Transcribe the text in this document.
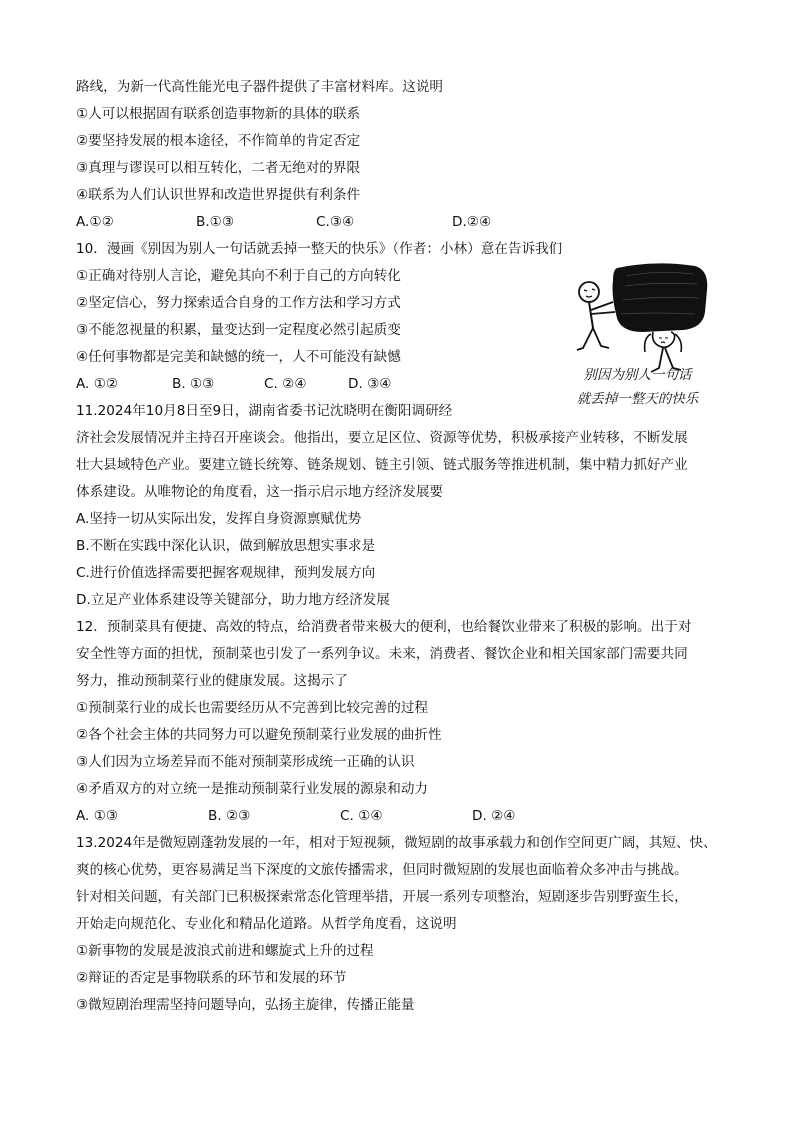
路线，为新一代高性能光电子器件提供了丰富材料库。这说明
①人可以根据固有联系创造事物新的具体的联系
②要坚持发展的根本途径，不作简单的肯定否定
③真理与谬误可以相互转化，二者无绝对的界限
④联系为人们认识世界和改造世界提供有利条件
A.①②	B.①③	C.③④	D.②④
10．漫画《别因为别人一句话就丢掉一整天的快乐》（作者：小林）意在告诉我们
①正确对待别人言论，避免其向不利于自己的方向转化
②坚定信心，努力探索适合自身的工作方法和学习方式
③不能忽视量的积累，量变达到一定程度必然引起质变
④任何事物都是完美和缺憾的统一，人不可能没有缺憾
A. ①②	B. ①③	C. ②④	D. ③④
别因为别人一句话
就丢掉一整天的快乐
11.2024年10月8日至9日，湖南省委书记沈晓明在衡阳调研经
济社会发展情况并主持召开座谈会。他指出，要立足区位、资源等优势，积极承接产业转移，不断发展
壮大县域特色产业。要建立链长统筹、链条规划、链主引领、链式服务等推进机制，集中精力抓好产业
体系建设。从唯物论的角度看，这一指示启示地方经济发展要
A.坚持一切从实际出发，发挥自身资源禀赋优势
B.不断在实践中深化认识，做到解放思想实事求是
C.进行价值选择需要把握客观规律，预判发展方向
D.立足产业体系建设等关键部分，助力地方经济发展
12．预制菜具有便捷、高效的特点，给消费者带来极大的便利，也给餐饮业带来了积极的影响。出于对
安全性等方面的担忧，预制菜也引发了一系列争议。未来，消费者、餐饮企业和相关国家部门需要共同
努力，推动预制菜行业的健康发展。这揭示了
①预制菜行业的成长也需要经历从不完善到比较完善的过程
②各个社会主体的共同努力可以避免预制菜行业发展的曲折性
③人们因为立场差异而不能对预制菜形成统一正确的认识
④矛盾双方的对立统一是推动预制菜行业发展的源泉和动力
A. ①③	B. ②③	C. ①④	D. ②④
13.2024年是微短剧蓬勃发展的一年，相对于短视频，微短剧的故事承载力和创作空间更广阔，其短、快、
爽的核心优势，更容易满足当下深度的文旅传播需求，但同时微短剧的发展也面临着众多冲击与挑战。
针对相关问题，有关部门已积极探索常态化管理举措，开展一系列专项整治，短剧逐步告别野蛮生长，
开始走向规范化、专业化和精品化道路。从哲学角度看，这说明
①新事物的发展是波浪式前进和螺旋式上升的过程
②辩证的否定是事物联系的环节和发展的环节
③微短剧治理需坚持问题导向，弘扬主旋律，传播正能量
